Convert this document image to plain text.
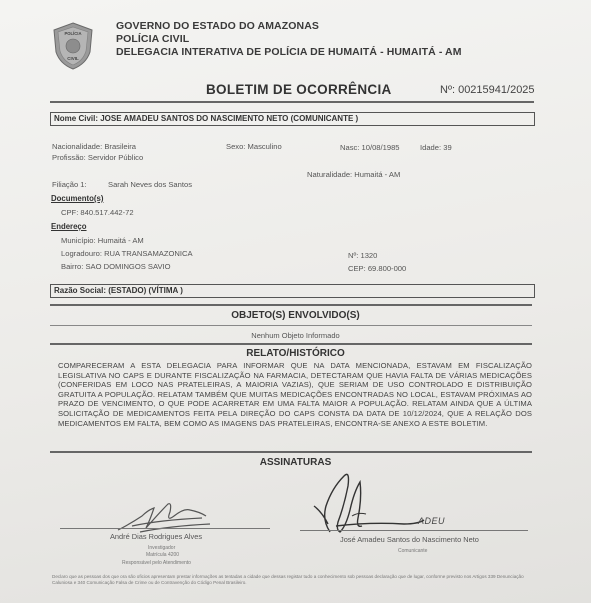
POLÍCIA
CIVIL
GOVERNO DO ESTADO DO AMAZONAS
POLÍCIA CIVIL
DELEGACIA INTERATIVA DE POLÍCIA DE HUMAITÁ - HUMAITÁ - AM
BOLETIM DE OCORRÊNCIA	Nº: 00215941/2025
Nome Civil: JOSE AMADEU SANTOS DO NASCIMENTO NETO (COMUNICANTE )
Nacionalidade: Brasileira	Sexo: Masculino	Nasc: 10/08/1985	Idade: 39
Profissão: Servidor Público
Naturalidade: Humaitá - AM
Filiação 1:	Sarah Neves dos Santos
Documento(s)
CPF: 840.517.442-72
Endereço
Município: Humaitá - AM
Logradouro: RUA TRANSAMAZONICA	Nº: 1320
Bairro: SAO DOMINGOS SAVIO	CEP: 69.800-000
Razão Social: (ESTADO) (VÍTIMA )
OBJETO(S) ENVOLVIDO(S)
Nenhum Objeto Informado
RELATO/HISTÓRICO
COMPARECERAM A ESTA DELEGACIA PARA INFORMAR QUE NA DATA MENCIONADA, ESTAVAM EM FISCALIZAÇÃO LEGISLATIVA NO CAPS E DURANTE FISCALIZAÇÃO NA FARMACIA, DETECTARAM QUE HAVIA FALTA DE VÁRIAS MEDICAÇÕES (CONFERIDAS EM LOCO NAS PRATELEIRAS, A MAIORIA VAZIAS), QUE SERIAM DE USO CONTROLADO E DISTRIBUIÇÃO GRATUITA A POPULAÇÃO. RELATAM TAMBÉM QUE MUITAS MEDICAÇÕES ENCONTRADAS NO LOCAL, ESTAVAM PRÓXIMAS AO PRAZO DE VENCIMENTO, O QUE PODE ACARRETAR EM UMA FALTA MAIOR A POPULAÇÃO. RELATAM AINDA QUE A ÚLTIMA SOLICITAÇÃO DE MEDICAMENTOS FEITA PELA DIREÇÃO DO CAPS CONSTA DA DATA DE 10/12/2024, QUE A RELAÇÃO DOS MEDICAMENTOS EM FALTA, BEM COMO AS IMAGENS DAS PRATELEIRAS, ENCONTRA-SE ANEXO A ESTE BOLETIM.
ASSINATURAS
André Dias Rodrigues Alves
Investigador
Matrícula 4200
Responsável pelo Atendimento
ADEU
José Amadeu Santos do Nascimento Neto
Comunicante
Declaro que as pessoas dos que ora são oficios apresentam prestar informações as tentadas a cidade que dessas registar tudo a conhecimento sob pessoas declaração que de lugar, conforme previsto nos Artigos 339 Denunciação Caluniosa e 340 Comunicação Falsa de Crime ou de Contravenção do Código Penal Brasileiro.
